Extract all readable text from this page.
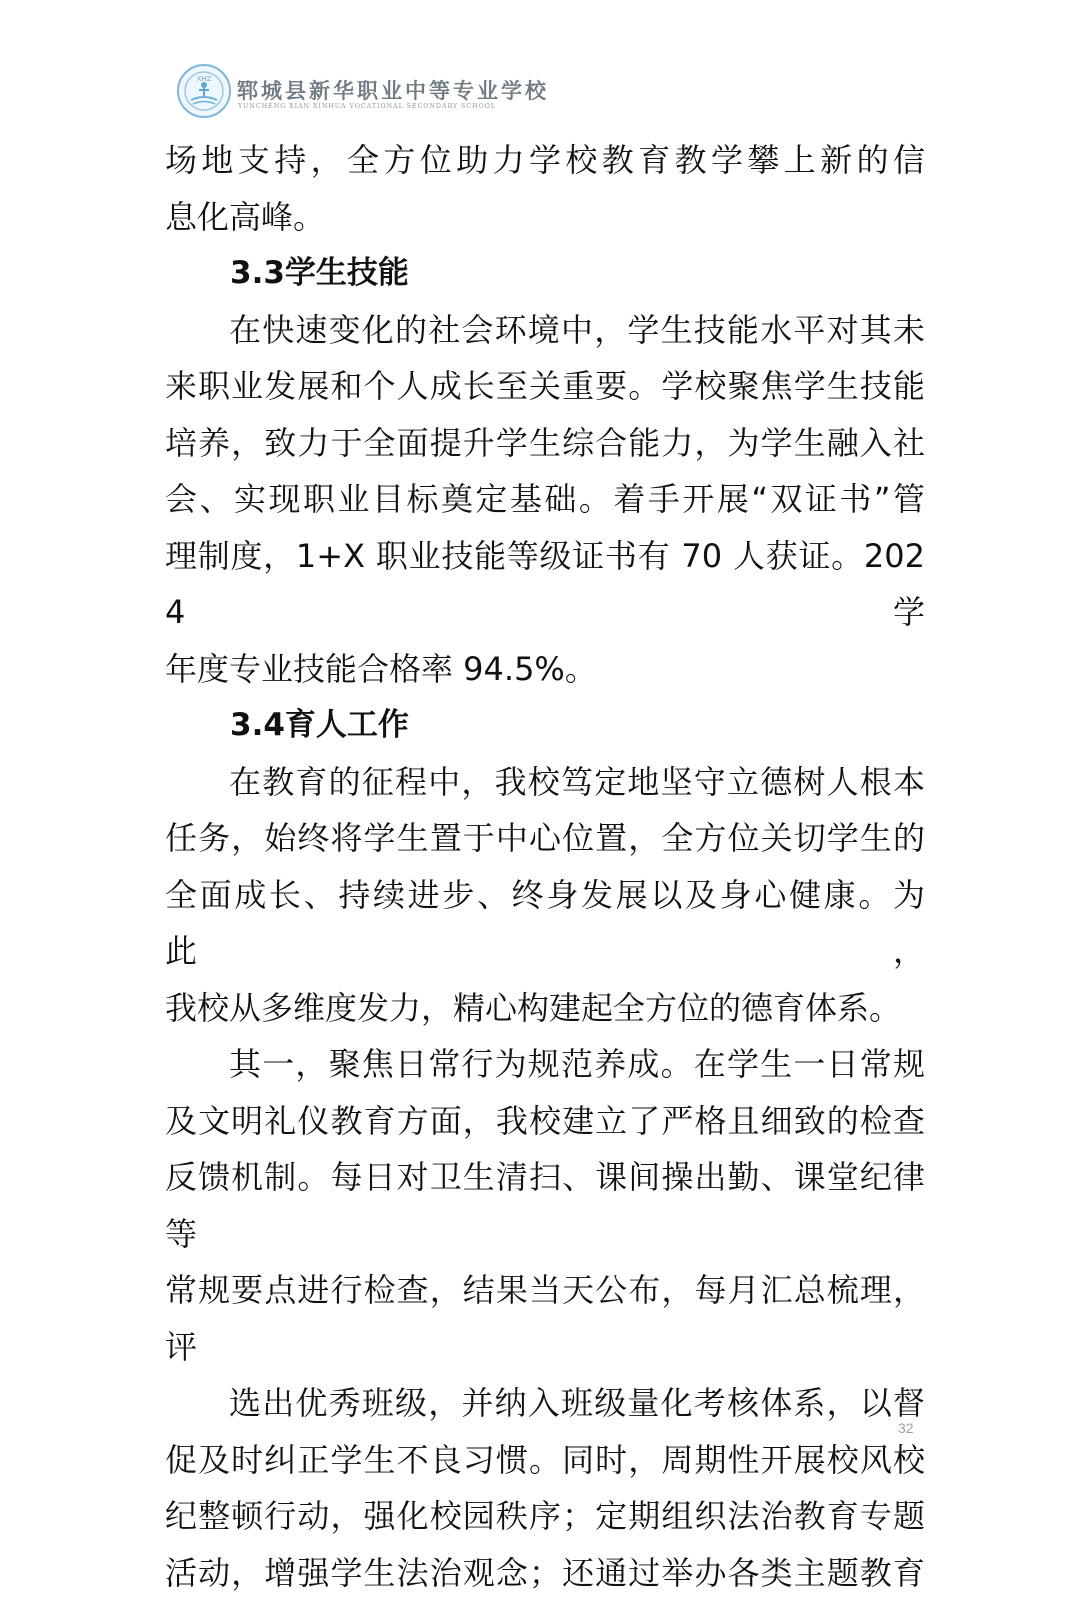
XHZ 郓城县新华职业中等专业学校
YUNCHENG XIAN XINHUA VOCATIONAL SECONDARY SCHOOL

场地支持，全方位助力学校教育教学攀上新的信
息化高峰。

3.3学生技能

在快速变化的社会环境中，学生技能水平对其未
来职业发展和个人成长至关重要。学校聚焦学生技能
培养，致力于全面提升学生综合能力，为学生融入社
会、实现职业目标奠定基础。着手开展“双证书”管
理制度，1+X 职业技能等级证书有 70 人获证。2024 学
年度专业技能合格率 94.5%。

3.4育人工作

在教育的征程中，我校笃定地坚守立德树人根本
任务，始终将学生置于中心位置，全方位关切学生的
全面成长、持续进步、终身发展以及身心健康。为此，
我校从多维度发力，精心构建起全方位的德育体系。

其一，聚焦日常行为规范养成。在学生一日常规
及文明礼仪教育方面，我校建立了严格且细致的检查
反馈机制。每日对卫生清扫、课间操出勤、课堂纪律等
常规要点进行检查，结果当天公布，每月汇总梳理，评

选出优秀班级，并纳入班级量化考核体系，以督
促及时纠正学生不良习惯。同时，周期性开展校风校
纪整顿行动，强化校园秩序；定期组织法治教育专题
活动，增强学生法治观念；还通过举办各类主题教育

32
